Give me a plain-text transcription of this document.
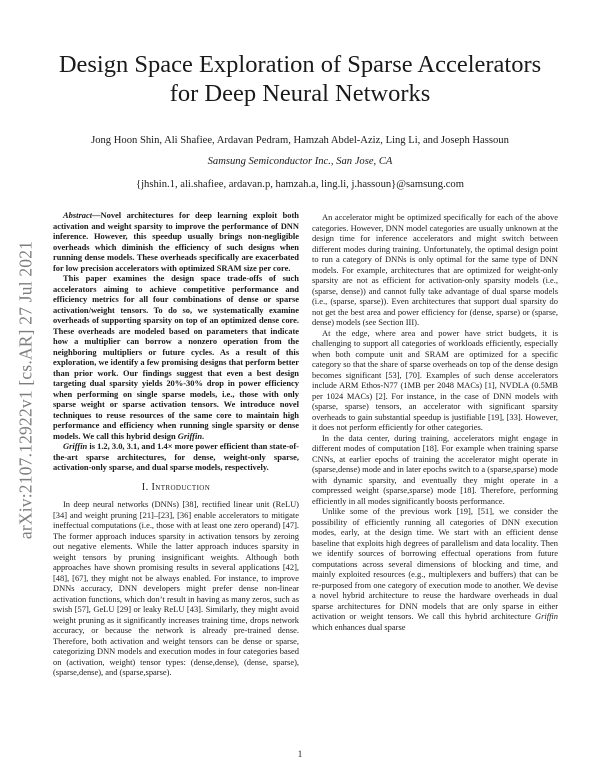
arXiv:2107.12922v1 [cs.AR] 27 Jul 2021
Design Space Exploration of Sparse Accelerators
for Deep Neural Networks
Jong Hoon Shin, Ali Shafiee, Ardavan Pedram, Hamzah Abdel-Aziz, Ling Li, and Joseph Hassoun
Samsung Semiconductor Inc., San Jose, CA
{jhshin.1, ali.shafiee, ardavan.p, hamzah.a, ling.li, j.hassoun}@samsung.com

Abstract—Novel architectures for deep learning exploit both activation and weight sparsity to improve the performance of DNN inference. However, this speedup usually brings non-negligible overheads which diminish the efficiency of such designs when running dense models. These overheads specifically are exacerbated for low precision accelerators with optimized SRAM size per core.

This paper examines the design space trade-offs of such accelerators aiming to achieve competitive performance and efficiency metrics for all four combinations of dense or sparse activation/weight tensors. To do so, we systematically examine overheads of supporting sparsity on top of an optimized dense core. These overheads are modeled based on parameters that indicate how a multiplier can borrow a nonzero operation from the neighboring multipliers or future cycles. As a result of this exploration, we identify a few promising designs that perform better than prior work. Our findings suggest that even a best design targeting dual sparsity yields 20%-30% drop in power efficiency when performing on single sparse models, i.e., those with only sparse weight or sparse activation tensors. We introduce novel techniques to reuse resources of the same core to maintain high performance and efficiency when running single sparsity or dense models. We call this hybrid design Griffin.

Griffin is 1.2, 3.0, 3.1, and 1.4× more power efficient than state-of-the-art sparse architectures, for dense, weight-only sparse, activation-only sparse, and dual sparse models, respectively.

I. Introduction

In deep neural networks (DNNs) [38], rectified linear unit (ReLU) [34] and weight pruning [21]–[23], [36] enable accelerators to mitigate ineffectual computations (i.e., those with at least one zero operand) [47]. The former approach induces sparsity in activation tensors by zeroing out negative elements. While the latter approach induces sparsity in weight tensors by pruning insignificant weights. Although both approaches have shown promising results in several applications [42], [48], [67], they might not be always enabled. For instance, to improve DNNs accuracy, DNN developers might prefer dense non-linear activation functions, which don’t result in having as many zeros, such as swish [57], GeLU [29] or leaky ReLU [43]. Similarly, they might avoid weight pruning as it significantly increases training time, drops network accuracy, or because the network is already pre-trained dense. Therefore, both activation and weight tensors can be dense or sparse, categorizing DNN models and execution modes in four categories based on (activation, weight) tensor types: (dense,dense), (dense, sparse), (sparse,dense), and (sparse,sparse).

An accelerator might be optimized specifically for each of the above categories. However, DNN model categories are usually unknown at the design time for inference accelerators and might switch between different modes during training. Unfortunately, the optimal design point to run a category of DNNs is only optimal for the same type of DNN models. For example, architectures that are optimized for weight-only sparsity are not as efficient for activation-only sparsity models (i.e., (sparse, dense)) and cannot fully take advantage of dual sparse models (i.e., (sparse, sparse)). Even architectures that support dual sparsity do not get the best area and power efficiency for (dense, sparse) or (sparse, dense) models (see Section III).

At the edge, where area and power have strict budgets, it is challenging to support all categories of workloads efficiently, especially when both compute unit and SRAM are optimized for a specific category so that the share of sparse overheads on top of the dense design becomes significant [53], [70]. Examples of such dense accelerators include ARM Ethos-N77 (1MB per 2048 MACs) [1], NVDLA (0.5MB per 1024 MACs) [2]. For instance, in the case of DNN models with (sparse, sparse) tensors, an accelerator with significant sparsity overheads to gain substantial speedup is justifiable [19], [33]. However, it does not perform efficiently for other categories.

In the data center, during training, accelerators might engage in different modes of computation [18]. For example when training sparse CNNs, at earlier epochs of training the accelerator might operate in (sparse,dense) mode and in later epochs switch to a (sparse,sparse) mode with dynamic sparsity, and eventually they might operate in a compressed weight (sparse,sparse) mode [18]. Therefore, performing efficiently in all modes significantly boosts performance.

Unlike some of the previous work [19], [51], we consider the possibility of efficiently running all categories of DNN execution modes, early, at the design time. We start with an efficient dense baseline that exploits high degrees of parallelism and data locality. Then we identify sources of borrowing effectual operations from future computations across several dimensions of blocking and time, and mainly exploited resources (e.g., multiplexers and buffers) that can be re-purposed from one category of execution mode to another. We devise a novel hybrid architecture to reuse the hardware overheads in dual sparse architectures for DNN models that are only sparse in either activation or weight tensors. We call this hybrid architecture Griffin which enhances dual sparse

1
